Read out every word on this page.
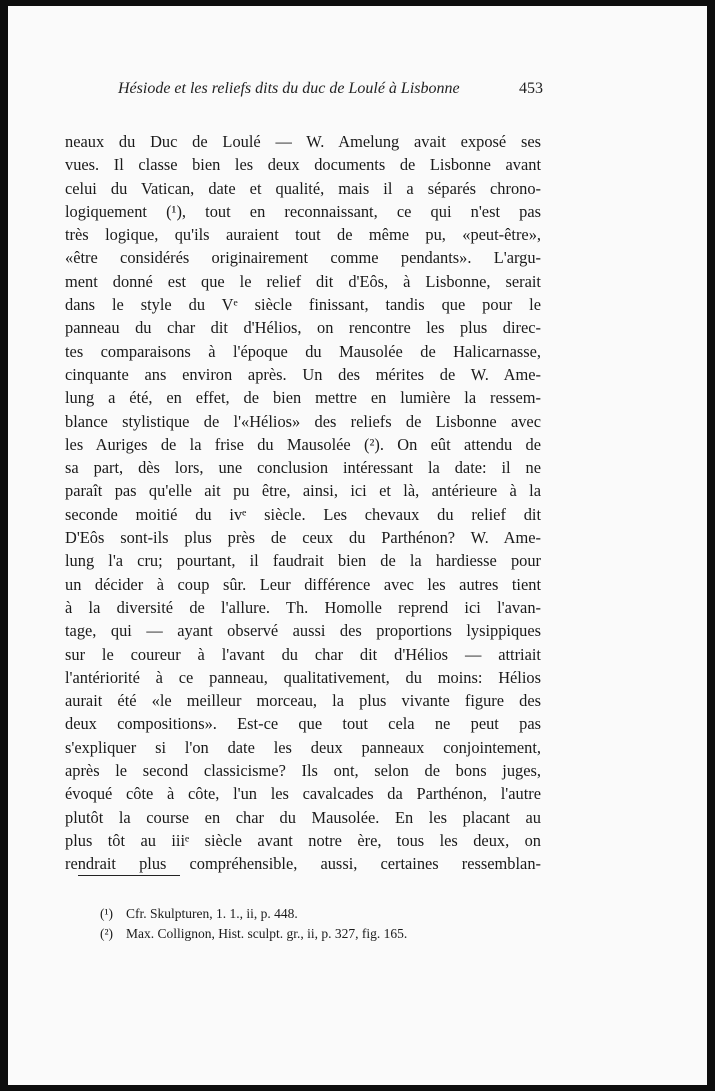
Hésiode et les reliefs dits du duc de Loulé à Lisbonne	453
neaux du Duc de Loulé — W. Amelung avait exposé ses
vues. Il classe bien les deux documents de Lisbonne avant
celui du Vatican, date et qualité, mais il a séparés chrono-
logiquement (¹), tout en reconnaissant, ce qui n'est pas
très logique, qu'ils auraient tout de même pu, «peut-être»,
«être considérés originairement comme pendants». L'argu-
ment donné est que le relief dit d'Eôs, à Lisbonne, serait
dans le style du Vᵉ siècle finissant, tandis que pour le
panneau du char dit d'Hélios, on rencontre les plus direc-
tes comparaisons à l'époque du Mausolée de Halicarnasse,
cinquante ans environ après. Un des mérites de W. Ame-
lung a été, en effet, de bien mettre en lumière la ressem-
blance stylistique de l'«Hélios» des reliefs de Lisbonne avec
les Auriges de la frise du Mausolée (²). On eût attendu de
sa part, dès lors, une conclusion intéressant la date: il ne
paraît pas qu'elle ait pu être, ainsi, ici et là, antérieure à la
seconde moitié du ivᵉ siècle. Les chevaux du relief dit
D'Eôs sont-ils plus près de ceux du Parthénon? W. Ame-
lung l'a cru; pourtant, il faudrait bien de la hardiesse pour
un décider à coup sûr. Leur différence avec les autres tient
à la diversité de l'allure. Th. Homolle reprend ici l'avan-
tage, qui — ayant observé aussi des proportions lysippiques
sur le coureur à l'avant du char dit d'Hélios — attriait
l'antériorité à ce panneau, qualitativement, du moins: Hélios
aurait été «le meilleur morceau, la plus vivante figure des
deux compositions». Est-ce que tout cela ne peut pas
s'expliquer si l'on date les deux panneaux conjointement,
après le second classicisme? Ils ont, selon de bons juges,
évoqué côte à côte, l'un les cavalcades da Parthénon, l'autre
plutôt la course en char du Mausolée. En les placant au
plus tôt au iiiᵉ siècle avant notre ère, tous les deux, on
rendrait plus compréhensible, aussi, certaines ressemblan-
(¹) Cfr. Skulpturen, 1. 1., ii, p. 448.
(²) Max. Collignon, Hist. sculpt. gr., ii, p. 327, fig. 165.
